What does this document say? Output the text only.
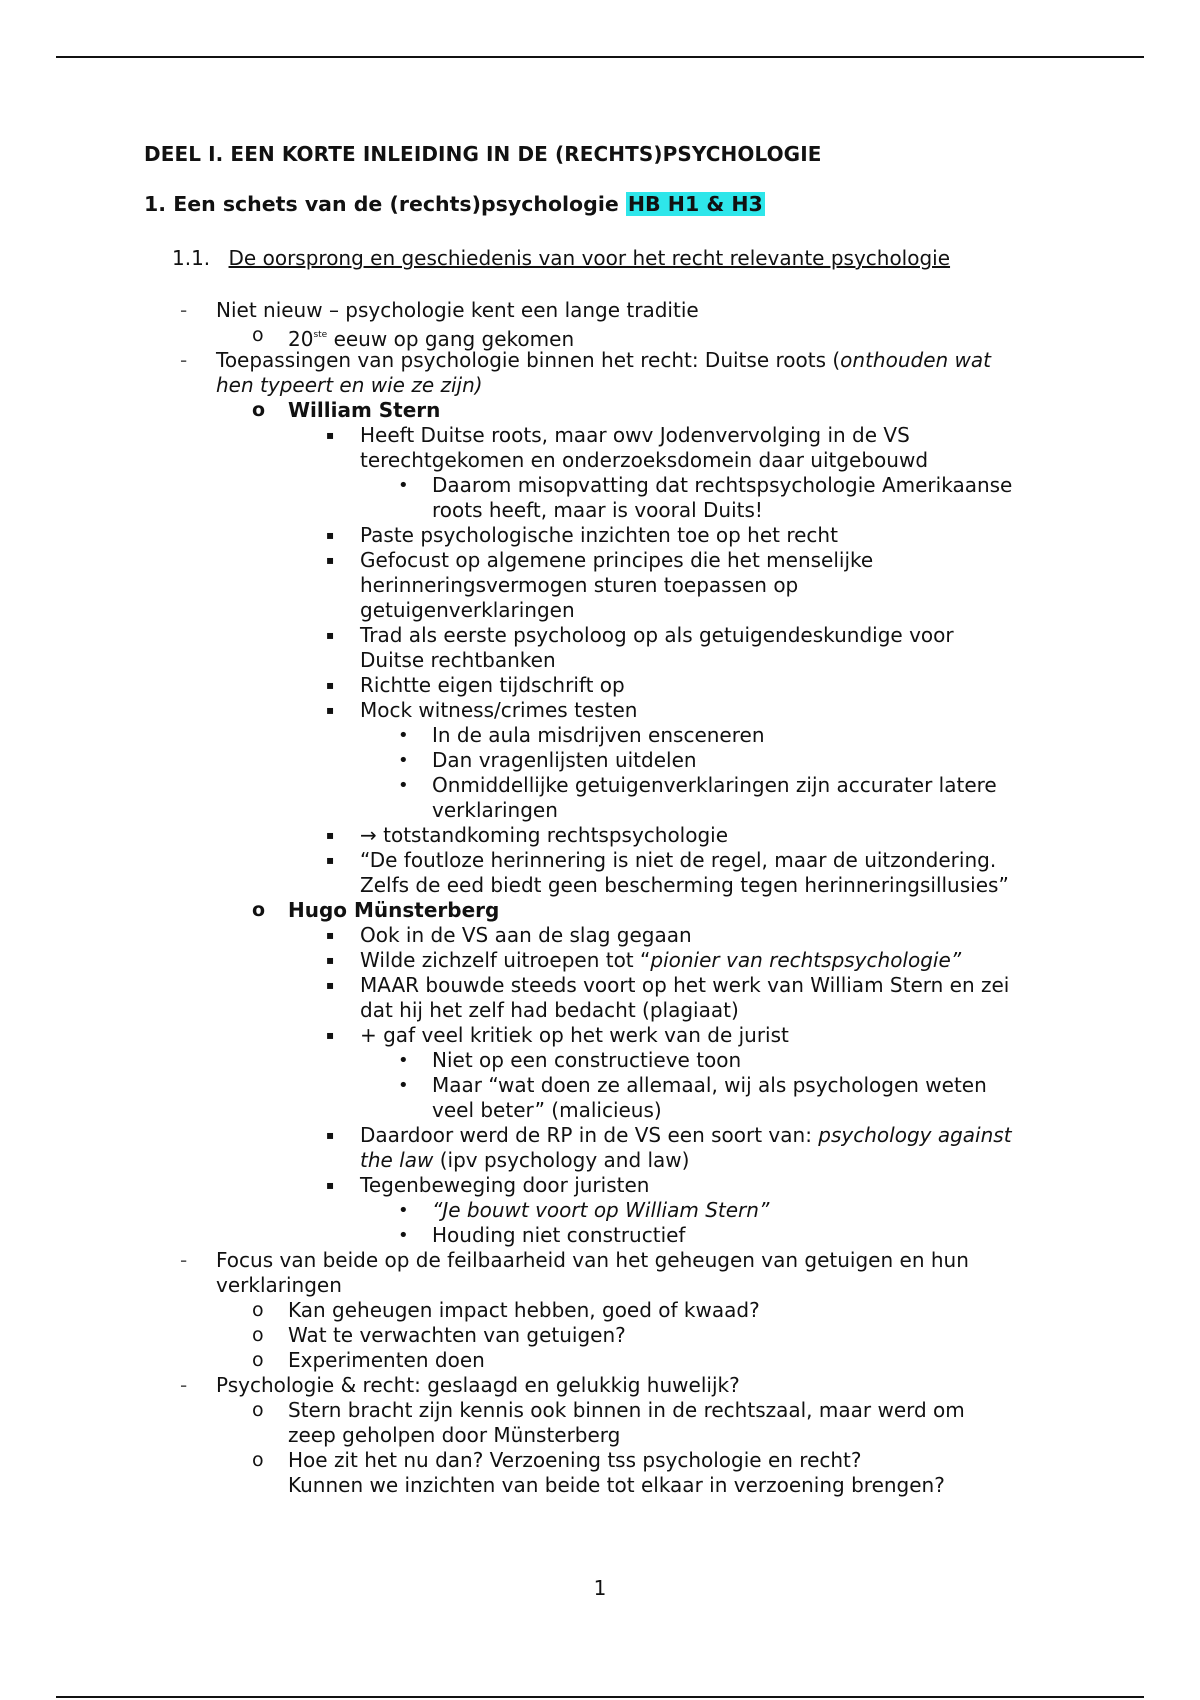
DEEL I. EEN KORTE INLEIDING IN DE (RECHTS)PSYCHOLOGIE
1. Een schets van de (rechts)psychologie HB H1 & H3
1.1. De oorsprong en geschiedenis van voor het recht relevante psychologie
- Niet nieuw – psychologie kent een lange traditie
o 20ste eeuw op gang gekomen
- Toepassingen van psychologie binnen het recht: Duitse roots (onthouden wat
hen typeert en wie ze zijn)
o William Stern
▪ Heeft Duitse roots, maar owv Jodenvervolging in de VS
terechtgekomen en onderzoeksdomein daar uitgebouwd
• Daarom misopvatting dat rechtspsychologie Amerikaanse
roots heeft, maar is vooral Duits!
▪ Paste psychologische inzichten toe op het recht
▪ Gefocust op algemene principes die het menselijke
herinneringsvermogen sturen toepassen op
getuigenverklaringen
▪ Trad als eerste psycholoog op als getuigendeskundige voor
Duitse rechtbanken
▪ Richtte eigen tijdschrift op
▪ Mock witness/crimes testen
• In de aula misdrijven ensceneren
• Dan vragenlijsten uitdelen
• Onmiddellijke getuigenverklaringen zijn accurater latere
verklaringen
▪ → totstandkoming rechtspsychologie
▪ “De foutloze herinnering is niet de regel, maar de uitzondering.
Zelfs de eed biedt geen bescherming tegen herinneringsillusies”
o Hugo Münsterberg
▪ Ook in de VS aan de slag gegaan
▪ Wilde zichzelf uitroepen tot “pionier van rechtspsychologie”
▪ MAAR bouwde steeds voort op het werk van William Stern en zei
dat hij het zelf had bedacht (plagiaat)
▪ + gaf veel kritiek op het werk van de jurist
• Niet op een constructieve toon
• Maar “wat doen ze allemaal, wij als psychologen weten
veel beter” (malicieus)
▪ Daardoor werd de RP in de VS een soort van: psychology against
the law (ipv psychology and law)
▪ Tegenbeweging door juristen
• “Je bouwt voort op William Stern”
• Houding niet constructief
- Focus van beide op de feilbaarheid van het geheugen van getuigen en hun
verklaringen
o Kan geheugen impact hebben, goed of kwaad?
o Wat te verwachten van getuigen?
o Experimenten doen
- Psychologie & recht: geslaagd en gelukkig huwelijk?
o Stern bracht zijn kennis ook binnen in de rechtszaal, maar werd om
zeep geholpen door Münsterberg
o Hoe zit het nu dan? Verzoening tss psychologie en recht?
Kunnen we inzichten van beide tot elkaar in verzoening brengen?
1
